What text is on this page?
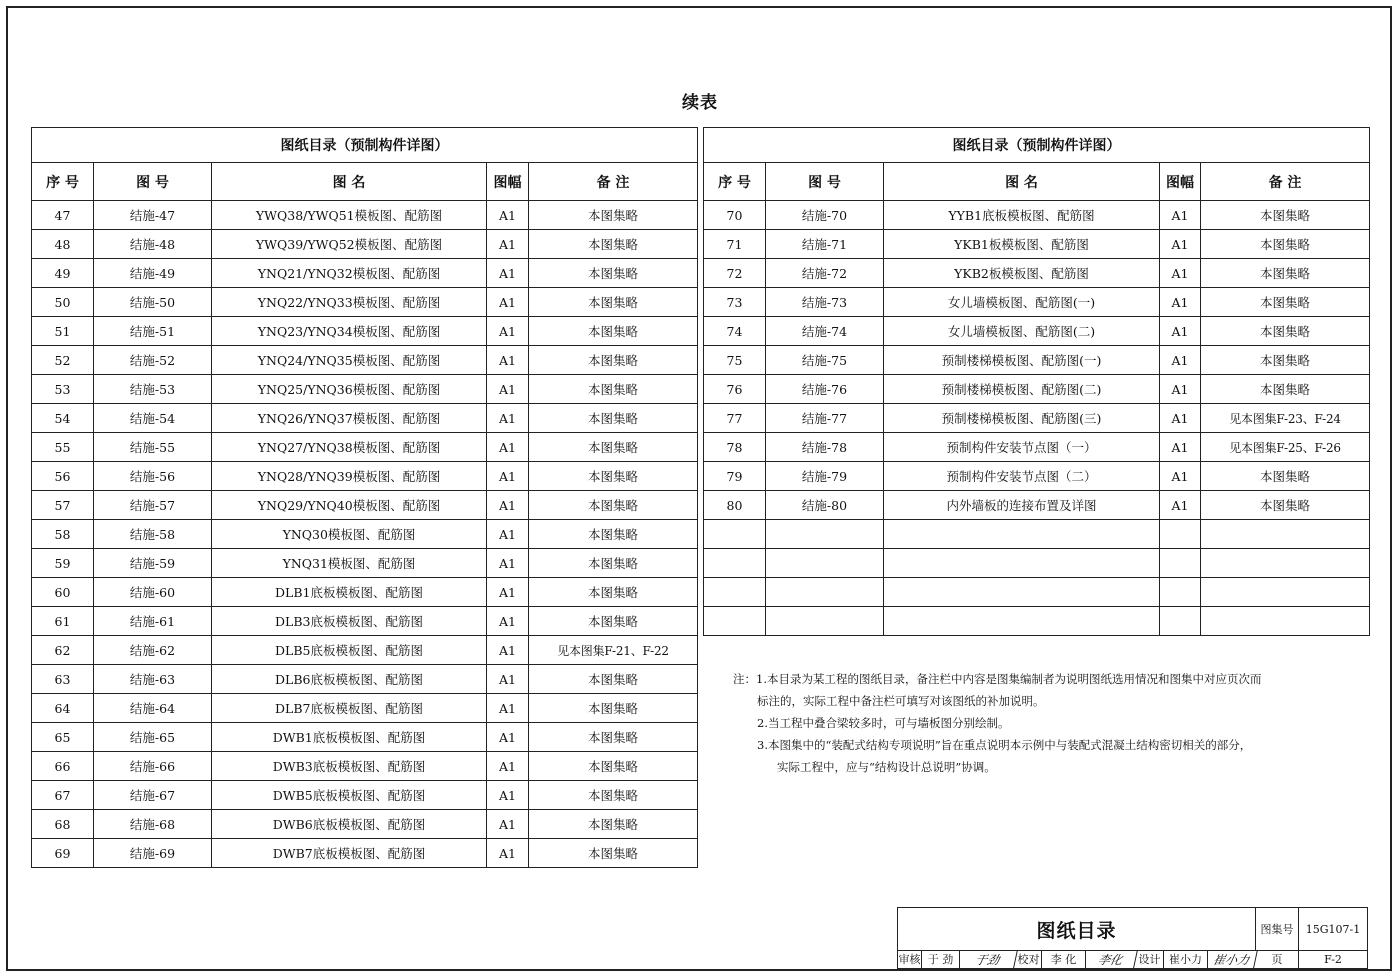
续表
图纸目录（预制构件详图）				
序 号	图 号	图 名	图幅	备 注
47	结施-47	YWQ38/YWQ51模板图、配筋图	A1	本图集略
48	结施-48	YWQ39/YWQ52模板图、配筋图	A1	本图集略
49	结施-49	YNQ21/YNQ32模板图、配筋图	A1	本图集略
50	结施-50	YNQ22/YNQ33模板图、配筋图	A1	本图集略
51	结施-51	YNQ23/YNQ34模板图、配筋图	A1	本图集略
52	结施-52	YNQ24/YNQ35模板图、配筋图	A1	本图集略
53	结施-53	YNQ25/YNQ36模板图、配筋图	A1	本图集略
54	结施-54	YNQ26/YNQ37模板图、配筋图	A1	本图集略
55	结施-55	YNQ27/YNQ38模板图、配筋图	A1	本图集略
56	结施-56	YNQ28/YNQ39模板图、配筋图	A1	本图集略
57	结施-57	YNQ29/YNQ40模板图、配筋图	A1	本图集略
58	结施-58	YNQ30模板图、配筋图	A1	本图集略
59	结施-59	YNQ31模板图、配筋图	A1	本图集略
60	结施-60	DLB1底板模板图、配筋图	A1	本图集略
61	结施-61	DLB3底板模板图、配筋图	A1	本图集略
62	结施-62	DLB5底板模板图、配筋图	A1	见本图集F-21、F-22
63	结施-63	DLB6底板模板图、配筋图	A1	本图集略
64	结施-64	DLB7底板模板图、配筋图	A1	本图集略
65	结施-65	DWB1底板模板图、配筋图	A1	本图集略
66	结施-66	DWB3底板模板图、配筋图	A1	本图集略
67	结施-67	DWB5底板模板图、配筋图	A1	本图集略
68	结施-68	DWB6底板模板图、配筋图	A1	本图集略
69	结施-69	DWB7底板模板图、配筋图	A1	本图集略
图纸目录（预制构件详图）				
序 号	图 号	图 名	图幅	备 注
70	结施-70	YYB1底板模板图、配筋图	A1	本图集略
71	结施-71	YKB1板模板图、配筋图	A1	本图集略
72	结施-72	YKB2板模板图、配筋图	A1	本图集略
73	结施-73	女儿墙模板图、配筋图(一)	A1	本图集略
74	结施-74	女儿墙模板图、配筋图(二)	A1	本图集略
75	结施-75	预制楼梯模板图、配筋图(一)	A1	本图集略
76	结施-76	预制楼梯模板图、配筋图(二)	A1	本图集略
77	结施-77	预制楼梯模板图、配筋图(三)	A1	见本图集F-23、F-24
78	结施-78	预制构件安装节点图（一）	A1	见本图集F-25、F-26
79	结施-79	预制构件安装节点图（二）	A1	本图集略
80	结施-80	内外墙板的连接布置及详图	A1	本图集略

注：1.本目录为某工程的图纸目录，备注栏中内容是图集编制者为说明图纸选用情况和图集中对应页次而
标注的，实际工程中备注栏可填写对该图纸的补加说明。
2.当工程中叠合梁较多时，可与墙板图分别绘制。
3.本图集中的“装配式结构专项说明”旨在重点说明本示例中与装配式混凝土结构密切相关的部分，
实际工程中，应与“结构设计总说明”协调。
图纸目录	图集号	15G107-1
审核 于 劲	于劲	校对	李 化	李化	设计 崔小力 崔小力	页	F-2
